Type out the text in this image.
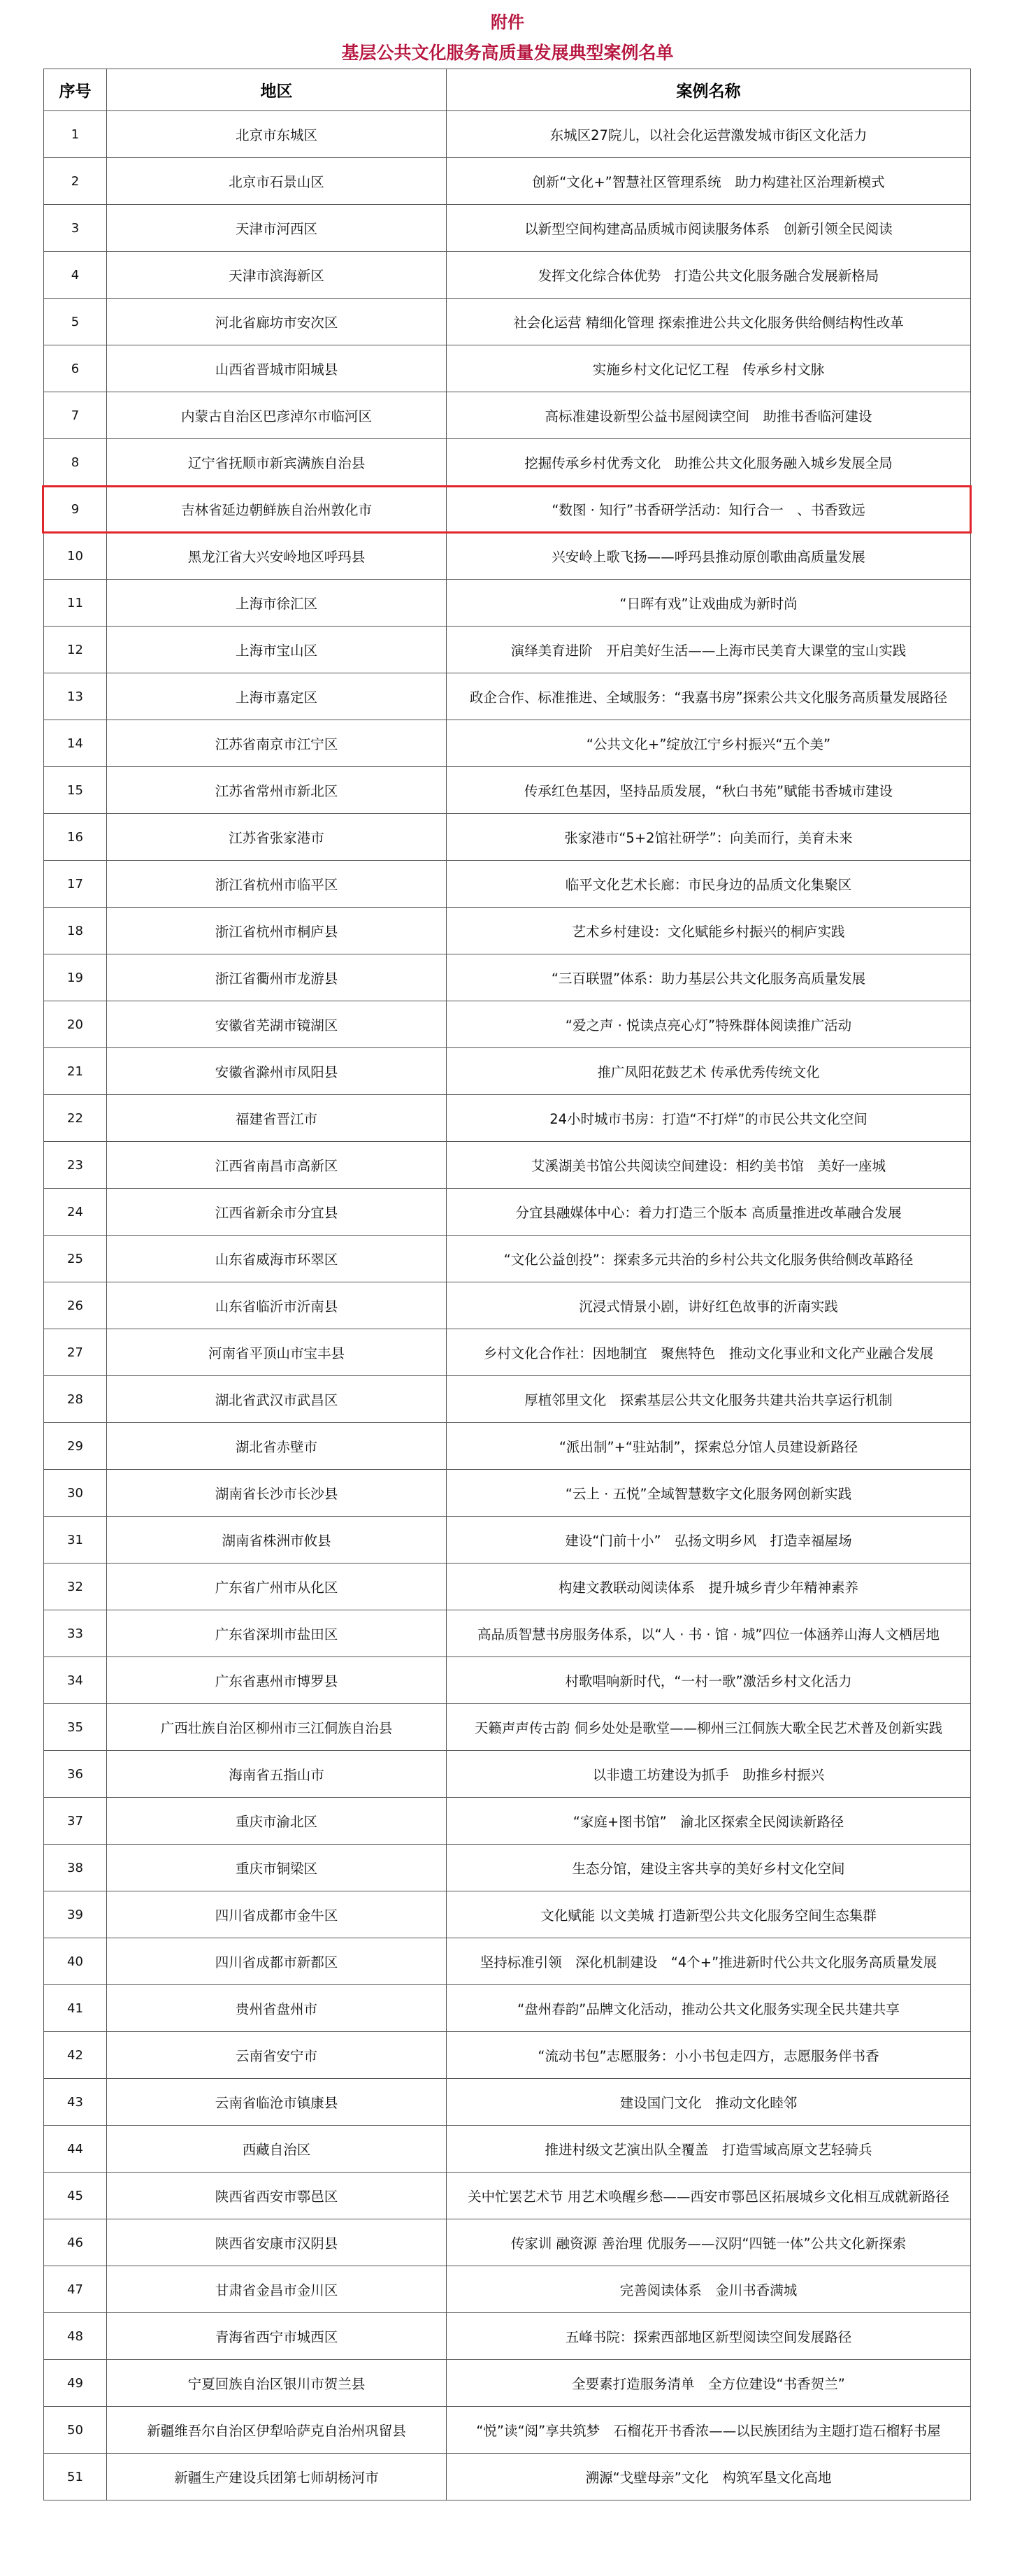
附件
基层公共文化服务高质量发展典型案例名单
序号	地区	案例名称
1	北京市东城区	东城区27院儿，以社会化运营激发城市街区文化活力
2	北京市石景山区	创新“文化+”智慧社区管理系统　助力构建社区治理新模式
3	天津市河西区	以新型空间构建高品质城市阅读服务体系　创新引领全民阅读
4	天津市滨海新区	发挥文化综合体优势　打造公共文化服务融合发展新格局
5	河北省廊坊市安次区	社会化运营 精细化管理 探索推进公共文化服务供给侧结构性改革
6	山西省晋城市阳城县	实施乡村文化记忆工程　传承乡村文脉
7	内蒙古自治区巴彦淖尔市临河区	高标准建设新型公益书屋阅读空间　助推书香临河建设
8	辽宁省抚顺市新宾满族自治县	挖掘传承乡村优秀文化　助推公共文化服务融入城乡发展全局
9	吉林省延边朝鲜族自治州敦化市	“数图 · 知行”书香研学活动：知行合一　、书香致远
10	黑龙江省大兴安岭地区呼玛县	兴安岭上歌飞扬——呼玛县推动原创歌曲高质量发展
11	上海市徐汇区	“日晖有戏”让戏曲成为新时尚
12	上海市宝山区	演绎美育进阶　开启美好生活——上海市民美育大课堂的宝山实践
13	上海市嘉定区	政企合作、标准推进、全域服务：“我嘉书房”探索公共文化服务高质量发展路径
14	江苏省南京市江宁区	“公共文化+”绽放江宁乡村振兴“五个美”
15	江苏省常州市新北区	传承红色基因，坚持品质发展，“秋白书苑”赋能书香城市建设
16	江苏省张家港市	张家港市“5+2馆社研学”：向美而行，美育未来
17	浙江省杭州市临平区	临平文化艺术长廊：市民身边的品质文化集聚区
18	浙江省杭州市桐庐县	艺术乡村建设：文化赋能乡村振兴的桐庐实践
19	浙江省衢州市龙游县	“三百联盟”体系：助力基层公共文化服务高质量发展
20	安徽省芜湖市镜湖区	“爱之声 · 悦读点亮心灯”特殊群体阅读推广活动
21	安徽省滁州市凤阳县	推广凤阳花鼓艺术 传承优秀传统文化
22	福建省晋江市	24小时城市书房：打造“不打烊”的市民公共文化空间
23	江西省南昌市高新区	艾溪湖美书馆公共阅读空间建设：相约美书馆　美好一座城
24	江西省新余市分宜县	分宜县融媒体中心：着力打造三个版本 高质量推进改革融合发展
25	山东省威海市环翠区	“文化公益创投”：探索多元共治的乡村公共文化服务供给侧改革路径
26	山东省临沂市沂南县	沉浸式情景小剧，讲好红色故事的沂南实践
27	河南省平顶山市宝丰县	乡村文化合作社：因地制宜　聚焦特色　推动文化事业和文化产业融合发展
28	湖北省武汉市武昌区	厚植邻里文化　探索基层公共文化服务共建共治共享运行机制
29	湖北省赤壁市	“派出制”+“驻站制”，探索总分馆人员建设新路径
30	湖南省长沙市长沙县	“云上 · 五悦”全域智慧数字文化服务网创新实践
31	湖南省株洲市攸县	建设“门前十小”　弘扬文明乡风　打造幸福屋场
32	广东省广州市从化区	构建文教联动阅读体系　提升城乡青少年精神素养
33	广东省深圳市盐田区	高品质智慧书房服务体系，以“人 · 书 · 馆 · 城”四位一体涵养山海人文栖居地
34	广东省惠州市博罗县	村歌唱响新时代，“一村一歌”激活乡村文化活力
35	广西壮族自治区柳州市三江侗族自治县	天籁声声传古韵 侗乡处处是歌堂——柳州三江侗族大歌全民艺术普及创新实践
36	海南省五指山市	以非遗工坊建设为抓手　助推乡村振兴
37	重庆市渝北区	“家庭+图书馆”　渝北区探索全民阅读新路径
38	重庆市铜梁区	生态分馆，建设主客共享的美好乡村文化空间
39	四川省成都市金牛区	文化赋能 以文美城 打造新型公共文化服务空间生态集群
40	四川省成都市新都区	坚持标准引领　深化机制建设　“4个+”推进新时代公共文化服务高质量发展
41	贵州省盘州市	“盘州春韵”品牌文化活动，推动公共文化服务实现全民共建共享
42	云南省安宁市	“流动书包”志愿服务：小小书包走四方，志愿服务伴书香
43	云南省临沧市镇康县	建设国门文化　推动文化睦邻
44	西藏自治区	推进村级文艺演出队全覆盖　打造雪域高原文艺轻骑兵
45	陕西省西安市鄠邑区	关中忙罢艺术节 用艺术唤醒乡愁——西安市鄠邑区拓展城乡文化相互成就新路径
46	陕西省安康市汉阴县	传家训 融资源 善治理 优服务——汉阴“四链一体”公共文化新探索
47	甘肃省金昌市金川区	完善阅读体系　金川书香满城
48	青海省西宁市城西区	五峰书院：探索西部地区新型阅读空间发展路径
49	宁夏回族自治区银川市贺兰县	全要素打造服务清单　全方位建设“书香贺兰”
50	新疆维吾尔自治区伊犁哈萨克自治州巩留县	“悦”读“阅”享共筑梦　石榴花开书香浓——以民族团结为主题打造石榴籽书屋
51	新疆生产建设兵团第七师胡杨河市	溯源“戈壁母亲”文化　构筑军垦文化高地
